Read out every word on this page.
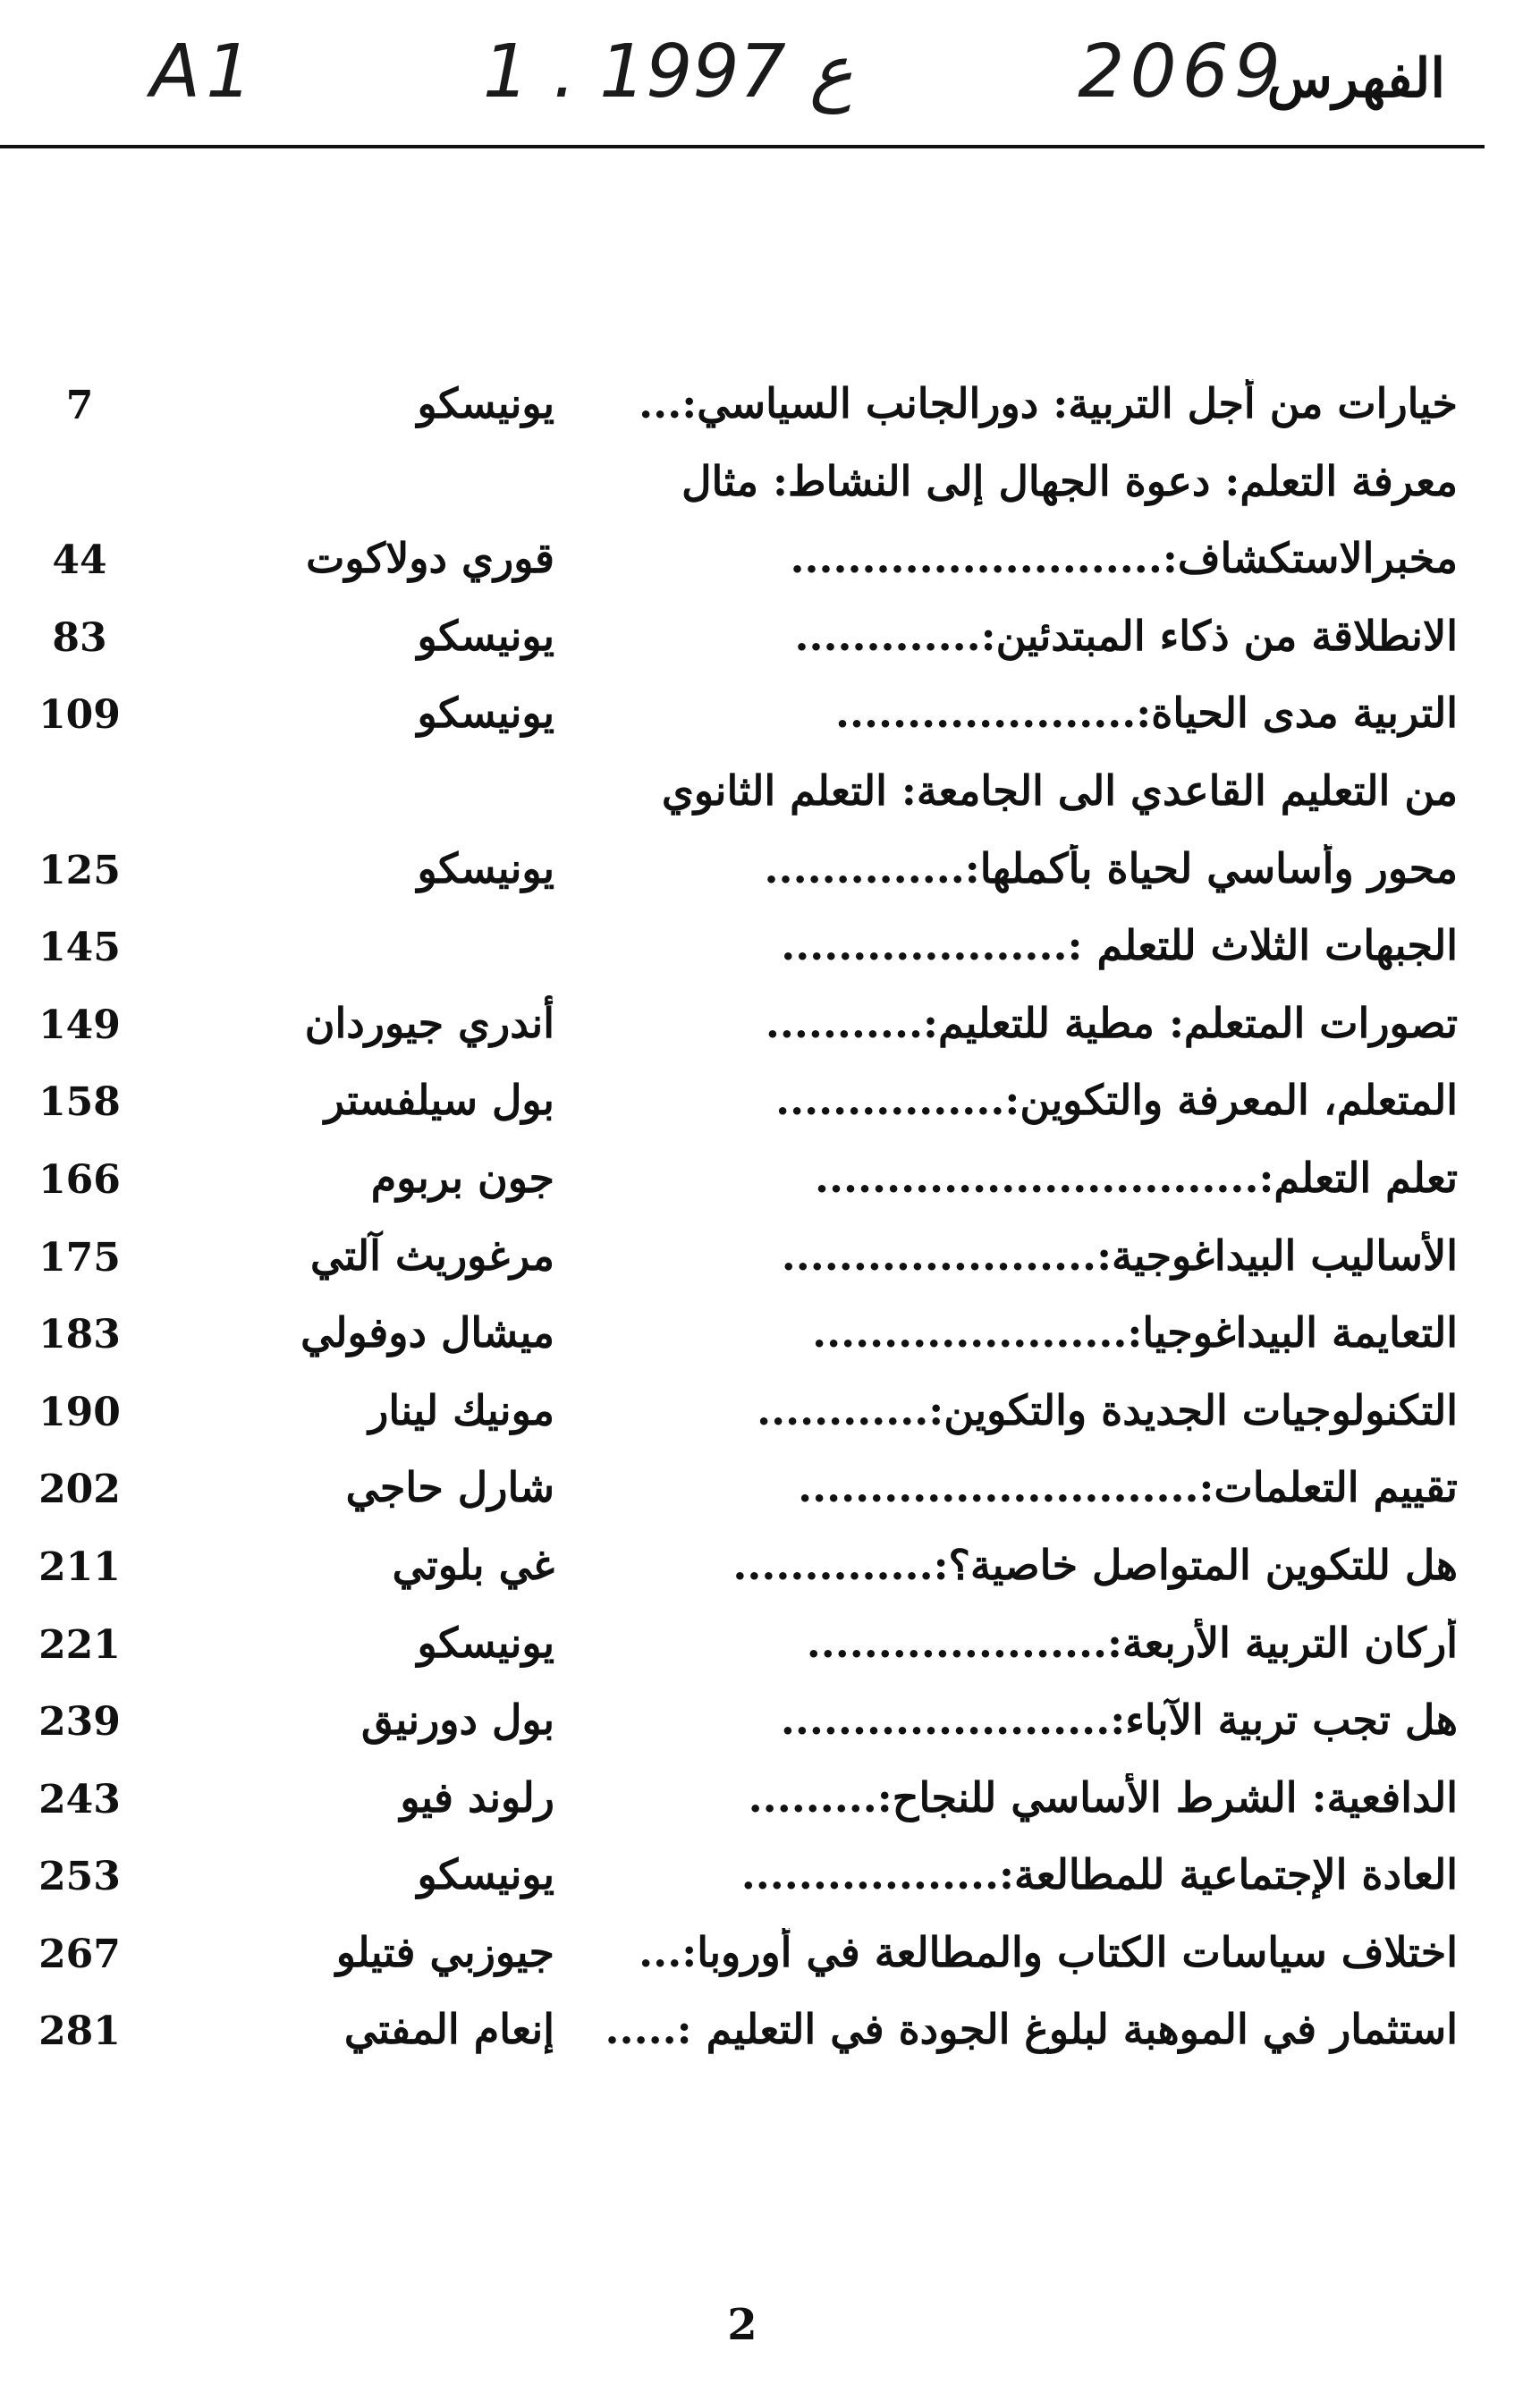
A1	1 . ع 1997	2069
الفهرس
خيارات من أجل التربية: دورالجانب السياسي:...
يونيسكو
7
معرفة التعلم: دعوة الجهال إلى النشاط: مثال
مخبرالاستكشاف:..........................
قوري دولاكوت
44
الانطلاقة من ذكاء المبتدئين:.............
يونيسكو
83
التربية مدى الحياة:.....................
يونيسكو
109
من التعليم القاعدي الى الجامعة: التعلم الثانوي
محور وأساسي لحياة بأكملها:..............
يونيسكو
125
الجبهات الثلاث للتعلم :....................
145
تصورات المتعلم: مطية للتعليم:...........
أندري جيوردان
149
المتعلم، المعرفة والتكوين:................
بول سيلفستر
158
تعلم التعلم:...............................
جون بربوم
166
الأساليب البيداغوجية:......................
مرغوريث آلتي
175
التعايمة البيداغوجيا:......................
ميشال دوفولي
183
التكنولوجيات الجديدة والتكوين:............
مونيك لينار
190
تقييم التعلمات:............................
شارل حاجي
202
هل للتكوين المتواصل خاصية؟:..............
غي بلوتي
211
أركان التربية الأربعة:.....................
يونيسكو
221
هل تجب تربية الآباء:.......................
بول دورنيق
239
الدافعية: الشرط الأساسي للنجاح:.........
رلوند فيو
243
العادة الإجتماعية للمطالعة:..................
يونيسكو
253
اختلاف سياسات الكتاب والمطالعة في أوروبا:...
جيوزبي فتيلو
267
استثمار في الموهبة لبلوغ الجودة في التعليم :.....
إنعام المفتي
281
2
